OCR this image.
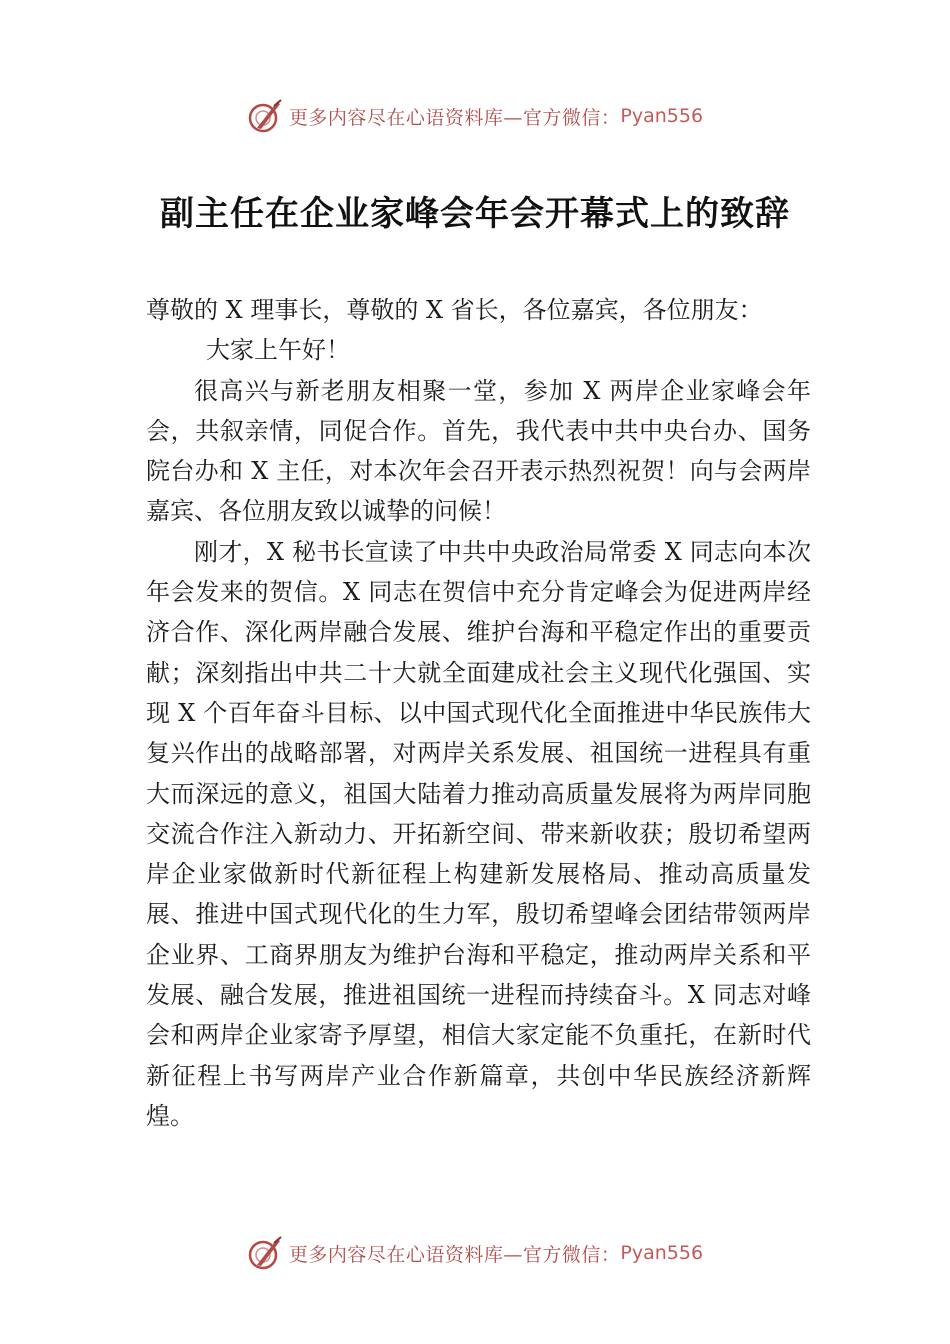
更多内容尽在心语资料库—官方微信： Pyan556
副主任在企业家峰会年会开幕式上的致辞

尊敬的 X 理事长，尊敬的 X 省长，各位嘉宾，各位朋友：

大家上午好！

很高兴与新老朋友相聚一堂，参加 X 两岸企业家峰会年会，共叙亲情，同促合作。首先，我代表中共中央台办、国务院台办和 X 主任，对本次年会召开表示热烈祝贺！向与会两岸嘉宾、各位朋友致以诚挚的问候！

刚才，X 秘书长宣读了中共中央政治局常委 X 同志向本次年会发来的贺信。X 同志在贺信中充分肯定峰会为促进两岸经济合作、深化两岸融合发展、维护台海和平稳定作出的重要贡献；深刻指出中共二十大就全面建成社会主义现代化强国、实现 X 个百年奋斗目标、以中国式现代化全面推进中华民族伟大复兴作出的战略部署，对两岸关系发展、祖国统一进程具有重大而深远的意义，祖国大陆着力推动高质量发展将为两岸同胞交流合作注入新动力、开拓新空间、带来新收获；殷切希望两岸企业家做新时代新征程上构建新发展格局、推动高质量发展、推进中国式现代化的生力军，殷切希望峰会团结带领两岸企业界、工商界朋友为维护台海和平稳定，推动两岸关系和平发展、融合发展，推进祖国统一进程而持续奋斗。X 同志对峰会和两岸企业家寄予厚望，相信大家定能不负重托，在新时代新征程上书写两岸产业合作新篇章，共创中华民族经济新辉煌。

更多内容尽在心语资料库—官方微信： Pyan556
